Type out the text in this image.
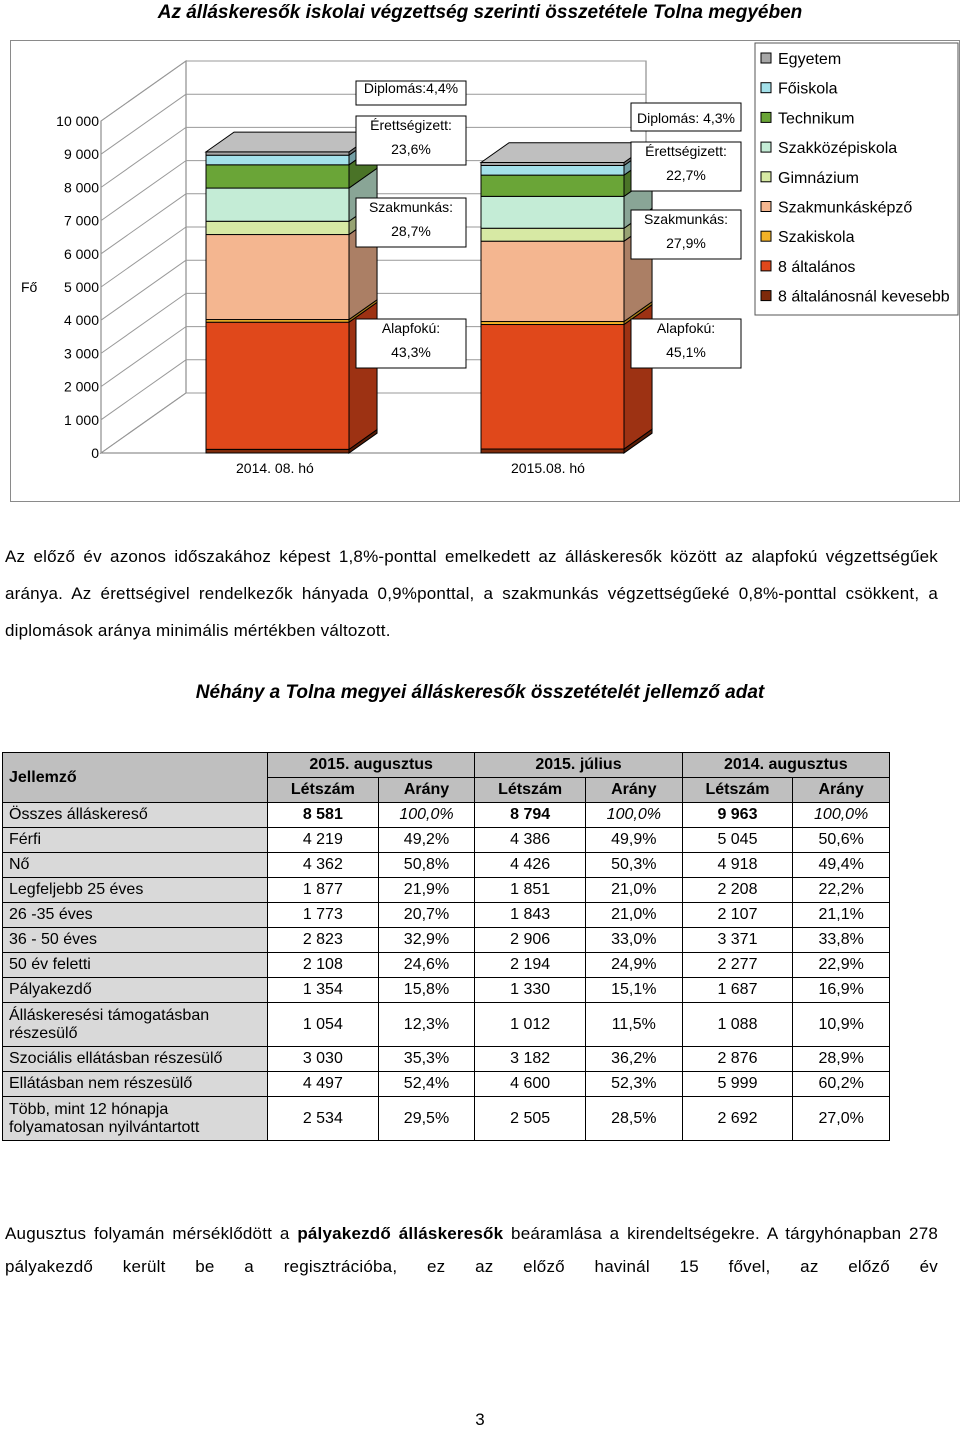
Az álláskeresők iskolai végzettség szerinti összetétele Tolna megyében
0
1 000
2 000
3 000
4 000
5 000
6 000
7 000
8 000
9 000
10 000
Fő
2014. 08. hó	2015.08. hó
Diplomás:4,4%
Érettségizett:
23,6%
Szakmunkás:
28,7%
Alapfokú:
43,3%
Diplomás: 4,3%
Érettségizett:
22,7%
Szakmunkás:
27,9%
Alapfokú:
45,1%
Egyetem
Főiskola
Technikum
Szakközépiskola
Gimnázium
Szakmunkásképző
Szakiskola
8 általános
8 általánosnál kevesebb
Az előző év azonos időszakához képest 1,8%-ponttal emelkedett az álláskeresők között az alapfokú végzettségűek aránya. Az érettségivel rendelkezők hányada 0,9%ponttal, a szakmunkás végzettségűeké 0,8%-ponttal csökkent, a diplomások aránya minimális mértékben változott.
Néhány a Tolna megyei álláskeresők összetételét jellemző adat
Jellemző	2015. augusztus		2015. július		2014. augusztus	
	Létszám	Arány	Létszám	Arány	Létszám	Arány
Összes álláskereső	8 581	100,0%	8 794	100,0%	9 963	100,0%
Férfi	4 219	49,2%	4 386	49,9%	5 045	50,6%
Nő	4 362	50,8%	4 426	50,3%	4 918	49,4%
Legfeljebb 25 éves	1 877	21,9%	1 851	21,0%	2 208	22,2%
26 -35 éves	1 773	20,7%	1 843	21,0%	2 107	21,1%
36 - 50 éves	2 823	32,9%	2 906	33,0%	3 371	33,8%
50 év feletti	2 108	24,6%	2 194	24,9%	2 277	22,9%
Pályakezdő	1 354	15,8%	1 330	15,1%	1 687	16,9%
Álláskeresési támogatásban részesülő	1 054	12,3%	1 012	11,5%	1 088	10,9%
Szociális ellátásban részesülő	3 030	35,3%	3 182	36,2%	2 876	28,9%
Ellátásban nem részesülő	4 497	52,4%	4 600	52,3%	5 999	60,2%
Több, mint 12 hónapja folyamatosan nyilvántartott	2 534	29,5%	2 505	28,5%	2 692	27,0%
Augusztus folyamán mérséklődött a pályakezdő álláskeresők beáramlása a kirendeltségekre. A tárgyhónapban 278 pályakezdő került be a regisztrációba, ez az előző havinál 15 fővel, az előző év
3
